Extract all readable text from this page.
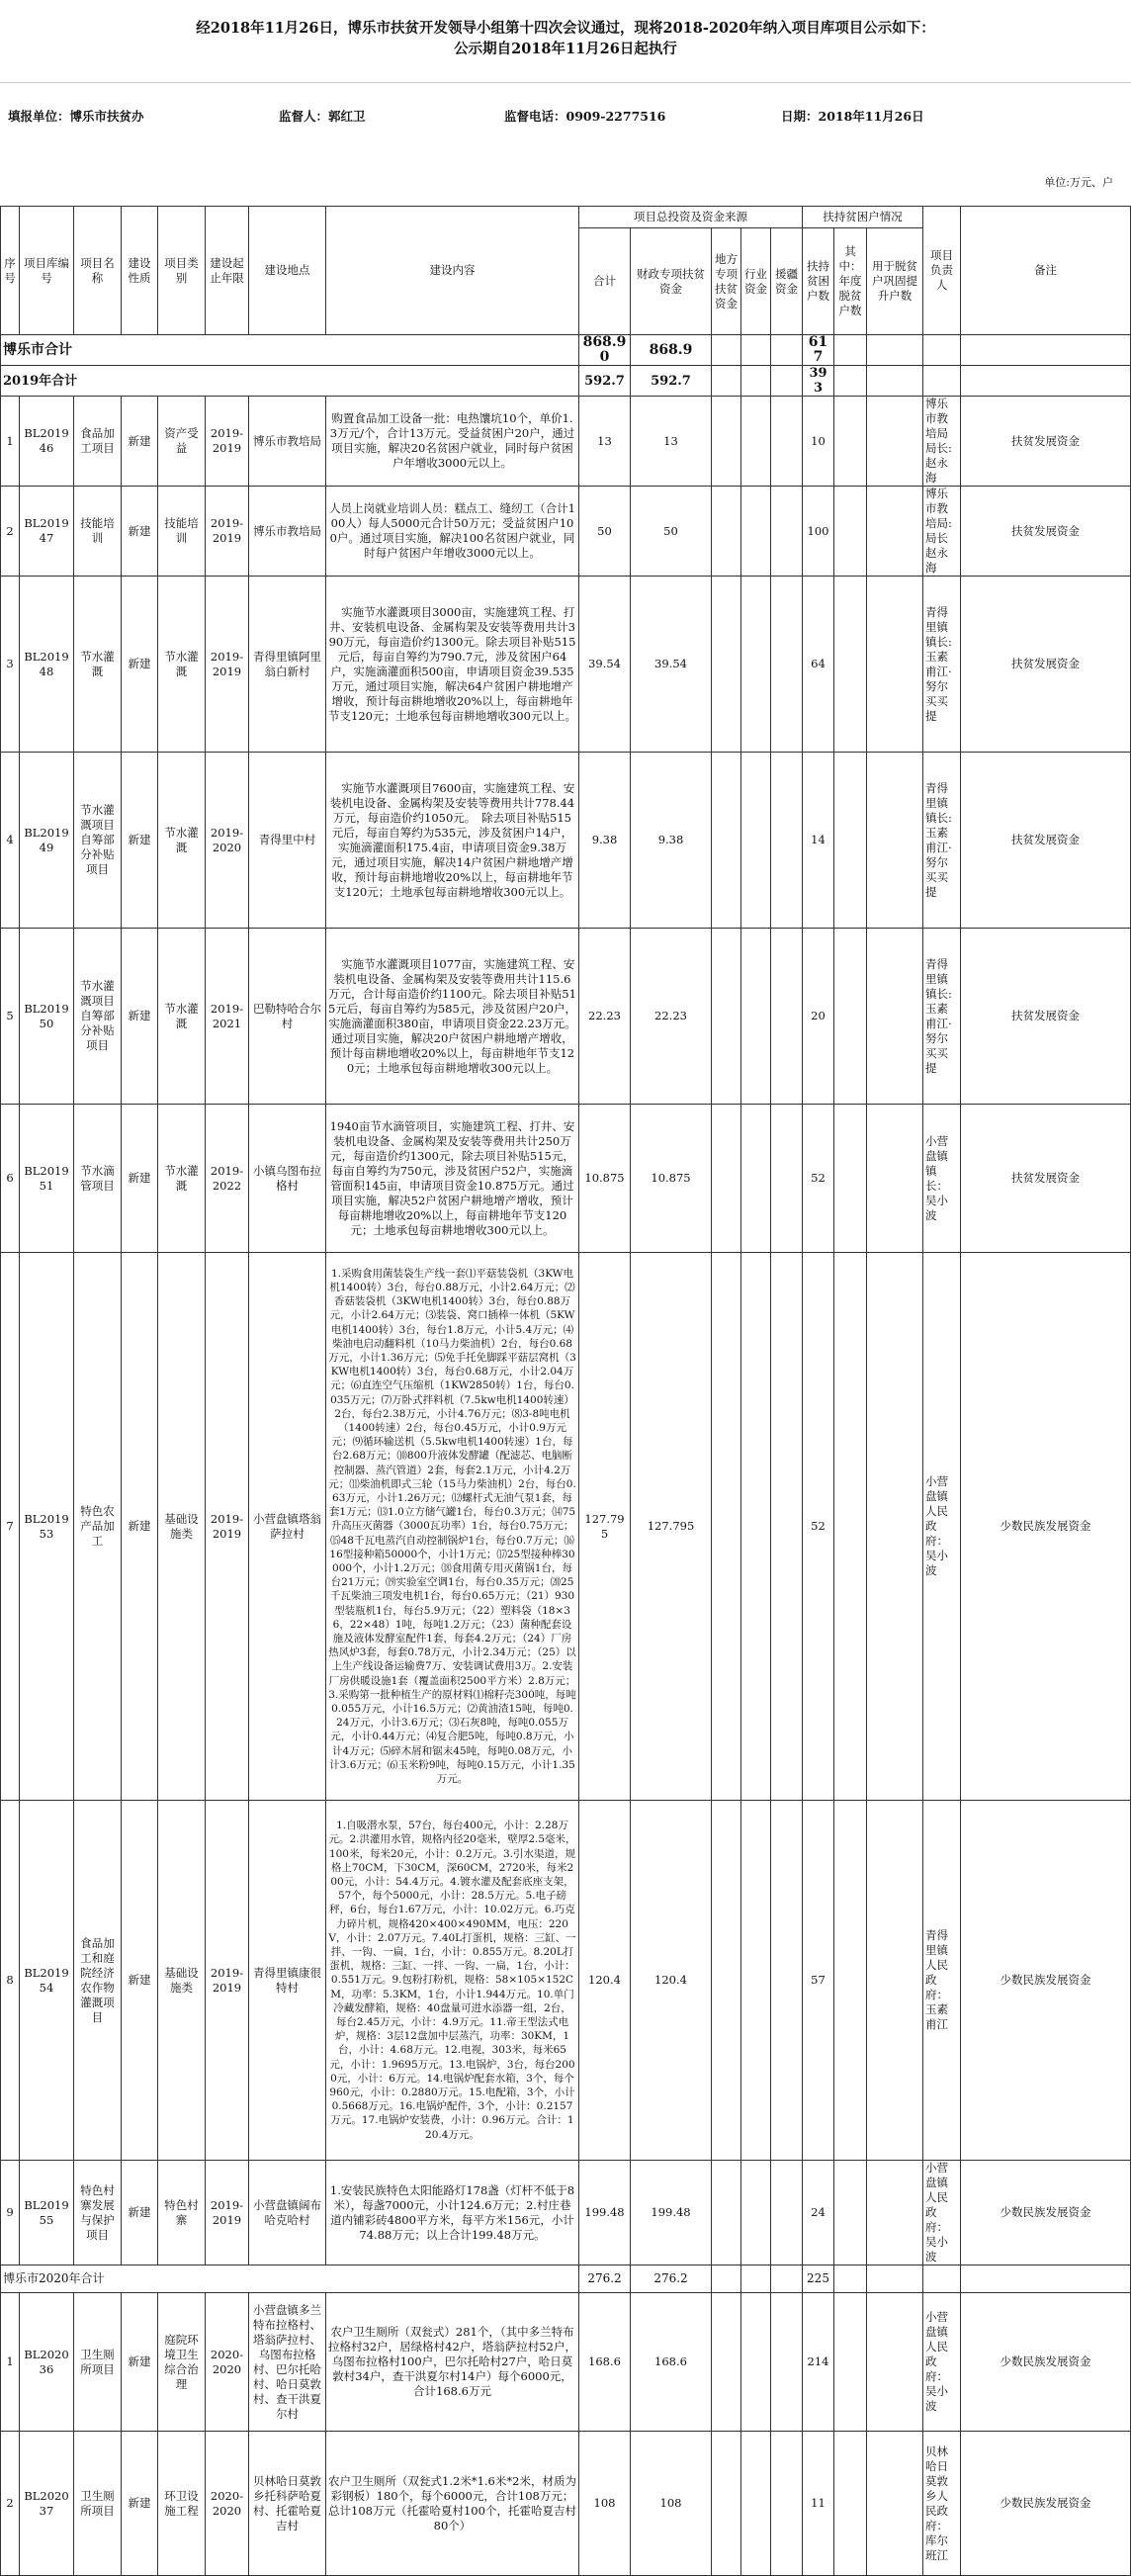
经2018年11月26日，博乐市扶贫开发领导小组第十四次会议通过，现将2018-2020年纳入项目库项目公示如下：
公示期自2018年11月26日起执行
填报单位：博乐市扶贫办	监督人：郭红卫	监督电话：0909-2277516	日期：2018年11月26日
单位:万元、户
序号	项目库编号	项目名称	建设性质	项目类别	建设起止年限	建设地点	建设内容	项目总投资及资金来源					扶持贫困户情况			项目负责人	备注
								合计	财政专项扶贫资金	地方专项扶贫资金	行业资金	援疆资金	扶持贫困户数	其中：年度脱贫户数	用于脱贫户巩固提升户数		
博乐市合计								868.90	868.9				617				
2019年合计								592.7	592.7				393				
1	BL201946	食品加工项目	新建	资产受益	2019-2019	博乐市教培局	购置食品加工设备一批：电热馕坑10个，单价1.3万元/个，合计13万元。受益贫困户20户，通过项目实施，解决20名贫困户就业，同时每户贫困户年增收3000元以上。	13	13				10			博乐市教培局局长:赵永海	扶贫发展资金
2	BL201947	技能培训	新建	技能培训	2019-2019	博乐市教培局	人员上岗就业培训人员：糕点工、缝纫工（合计100人）每人5000元合计50万元；受益贫困户100户。通过项目实施，解决100名贫困户就业，同时每户贫困户年增收3000元以上。	50	50				100			博乐市教培局:局长赵永海	扶贫发展资金
3	BL201948	节水灌溉	新建	节水灌溉	2019-2019	青得里镇阿里翁白新村	　实施节水灌溉项目3000亩，实施建筑工程、打井、安装机电设备、金属构架及安装等费用共计390万元，每亩造价约1300元。除去项目补贴515元后，每亩自筹约为790.7元，涉及贫困户64户，实施滴灌面积500亩，申请项目资金39.535万元，通过项目实施，解决64户贫困户耕地增产增收，预计每亩耕地增收20%以上，每亩耕地年节支120元；土地承包每亩耕地增收300元以上。	39.54	39.54				64			青得里镇镇长:玉素甫江·努尔买买提	扶贫发展资金
4	BL201949	节水灌溉项目自筹部分补贴项目	新建	节水灌溉	2019-2020	青得里中村	　实施节水灌溉项目7600亩，实施建筑工程、安装机电设备、金属构架及安装等费用共计778.44万元，每亩造价约1050元。　除去项目补贴515元后，每亩自筹约为535元，涉及贫困户14户，实施滴灌面积175.4亩，申请项目资金9.38万元，通过项目实施，解决14户贫困户耕地增产增收，预计每亩耕地增收20%以上，每亩耕地年节支120元；土地承包每亩耕地增收300元以上。	9.38	9.38				14			青得里镇镇长:玉素甫江·努尔买买提	扶贫发展资金
5	BL201950	节水灌溉项目自筹部分补贴项目	新建	节水灌溉	2019-2021	巴勒特哈合尔村	　实施节水灌溉项目1077亩，实施建筑工程、安装机电设备、金属构架及安装等费用共计115.6万元，合计每亩造价约1100元。除去项目补贴515元后，每亩自筹约为585元，涉及贫困户20户，实施滴灌面积380亩，申请项目资金22.23万元。通过项目实施，解决20户贫困户耕地增产增收，预计每亩耕地增收20%以上，每亩耕地年节支120元；土地承包每亩耕地增收300元以上。	22.23	22.23				20			青得里镇镇长:玉素甫江·努尔买买提	扶贫发展资金
6	BL201951	节水滴管项目	新建	节水灌溉	2019-2022	小镇乌图布拉格村	1940亩节水滴管项目，实施建筑工程、打井、安装机电设备、金属构架及安装等费用共计250万元，每亩造价约1300元，除去项目补贴515元，每亩自筹约为750元，涉及贫困户52户，实施滴管面积145亩，申请项目资金10.875万元。通过项目实施，解决52户贫困户耕地增产增收，预计每亩耕地增收20%以上，每亩耕地年节支120元；土地承包每亩耕地增收300元以上。	10.875	10.875				52			小营盘镇镇长：吴小波	扶贫发展资金
7	BL201953	特色农产品加工	新建	基础设施类	2019-2019	小营盘镇塔翁萨拉村	1.采购食用菌装袋生产线一套⑴平菇装袋机（3KW电机1400转）3台，每台0.88万元，小计2.64万元；⑵香菇装袋机（3KW电机1400转）3台，每台0.88万元，小计2.64万元；⑶装袋、窝口插棒一体机（5KW电机1400转）3台，每台1.8万元，小计5.4万元；⑷柴油电启动翻料机（10马力柴油机）2台，每台0.68万元，小计1.36万元；⑸免手托免脚踩平菇层窝机（3KW电机1400转）3台，每台0.68万元，小计2.04万元；⑹直连空气压缩机（1KW2850转）1台，每台0.035万元；⑺万卧式拌料机（7.5kw电机1400转速）2台，每台2.38万元，小计4.76万元；⑻3-8吨电机（1400转速）2台，每台0.45万元，小计0.9万元元；⑼循环输送机（5.5kw电机1400转速）1台，每台2.68万元；⑽800升液体发酵罐（配滤芯、电脑断控制器、蒸汽管道）2套，每套2.1万元，小计4.2万元；⑾柴油机即式三轮（15马力柴油机）2台，每台0.63万元，小计1.26万元；⑿螺杆式无油气泵1套，每套1万元；⒀1.0立方储气罐1台，每台0.3万元；⒁75升高压灭菌器（3000瓦功率）1台，每台0.75万元；⒂48千瓦电蒸汽自动控制锅炉1台，每台0.7万元；⒃16型接种箱50000个，小计1万元；⒄25型接种棒30000个，小计1.2万元；⒅食用菌专用灭菌锅1台，每台21万元；⒆实验室空调1台，每台0.35万元；⒇25千瓦柴油三项发电机1台，每台0.65万元；（21）930型装瓶机1台，每台5.9万元；（22）塑料袋（18×36，22×48）1吨，每吨1.2万元；（23）菌种配套设施及液体发酵室配件1套，每套4.2万元；（24）厂房热风炉3套，每套0.78万元，小计2.34万元；（25）以上生产线设备运输费7万、安装调试费用3万。2.安装厂房供暖设施1套（覆盖面积2500平方米）2.8万元；3.采购第一批种植生产的原材料⑴棉籽壳300吨，每吨0.055万元，小计16.5万元；⑵黄油渣15吨，每吨0.24万元，小计3.6万元；⑶石灰8吨，每吨0.055万元，小计0.44万元；⑷复合肥5吨，每吨0.8万元，小计4万元；⑸碎木屑和锯末45吨，每吨0.08万元，小计3.6万元；⑹玉米粉9吨，每吨0.15万元，小计1.35万元。	127.795	127.795				52			小营盘镇人民政府：吴小波	少数民族发展资金
8	BL201954	食品加工和庭院经济农作物灌溉项目	新建	基础设施类	2019-2019	青得里镇康很特村	1.自吸潜水泵，57台，每台400元，小计：2.28万元。2.洪灌用水管，规格内径20毫米，壁厚2.5毫米，100米，每米20元，小计：0.2万元。3.引水渠道，规格上70CM，下30CM，深60CM，2720米，每米200元，小计：54.4万元。4.镀水灌及配套底座支架，57个，每个5000元，小计：28.5万元。5.电子磅秤，6台，每台1.67万元，小计：10.02万元。6.巧克力碎片机，规格420×400×490MM，电压：220V，小计：2.07万元。7.40L打蛋机，规格：三缸、一拌、一钩、一扁，1台，小计：0.855万元。8.20L打蛋机，规格：三缸、一拌、一钩、一扁，1台，小计：0.551万元。9.包粉打粉机，规格：58×105×152CM，功率：5.3KM，1台，小计1.944万元。10.单门冷藏发酵箱，规格：40盘量可进水添器一组，2台，每台2.45万元，小计：4.9万元。11.帝王型法式电炉，规格：3层12盘加中层蒸汽，功率：30KM，1台，小计：4.68万元。12.电视，303米，每米65元，小计：1.9695万元。13.电锅炉，3台，每台2000元，小计：6万元。14.电锅炉配套水箱，3个，每个960元，小计：0.2880万元。15.电配箱，3个，小计0.5668万元。16.电锅炉配件，3个，小计：0.2157万元。17.电锅炉安装费，小计：0.96万元。合计：120.4万元。	120.4	120.4				57			青得里镇人民政府：玉素甫江	少数民族发展资金
9	BL201955	特色村寨发展与保护项目	新建	特色村寨	2019-2019	小营盘镇阔布哈克哈村	1.安装民族特色太阳能路灯178盏（灯杆不低于8米），每盏7000元，小计124.6万元；2.村庄巷道内铺彩砖4800平方米，每平方米156元，小计74.88万元；以上合计199.48万元。	199.48	199.48				24			小营盘镇人民政府：吴小波	少数民族发展资金
博乐市2020年合计								276.2	276.2				225				
1	BL202036	卫生厕所项目	新建	庭院环境卫生综合治理	2020-2020	小营盘镇多兰特布拉格村、塔翁萨拉村、乌图布拉格村、巴尔托哈村、哈日莫敦村、查干洪夏尔村	农户卫生厕所（双瓮式）281个，（其中多兰特布拉格村32户，居绿格村42户，塔翁萨拉村52户，乌图布拉格村100户，巴尔托哈村27户，哈日莫敦村34户，查干洪夏尔村14户）每个6000元，合计168.6万元	168.6	168.6				214			小营盘镇人民政府：吴小波	少数民族发展资金
2	BL202037	卫生厕所项目	新建	环卫设施工程	2020-2020	贝林哈日莫敦乡托科萨哈夏村、托霍哈夏吉村	农户卫生厕所（双瓮式1.2米*1.6米*2米，材质为彩钢板）180个，每个6000元，合计108万元；总计108万元（托霍哈夏村100个，托霍哈夏吉村80个）	108	108				11			贝林哈日莫敦乡人民政府：库尔班江	少数民族发展资金
